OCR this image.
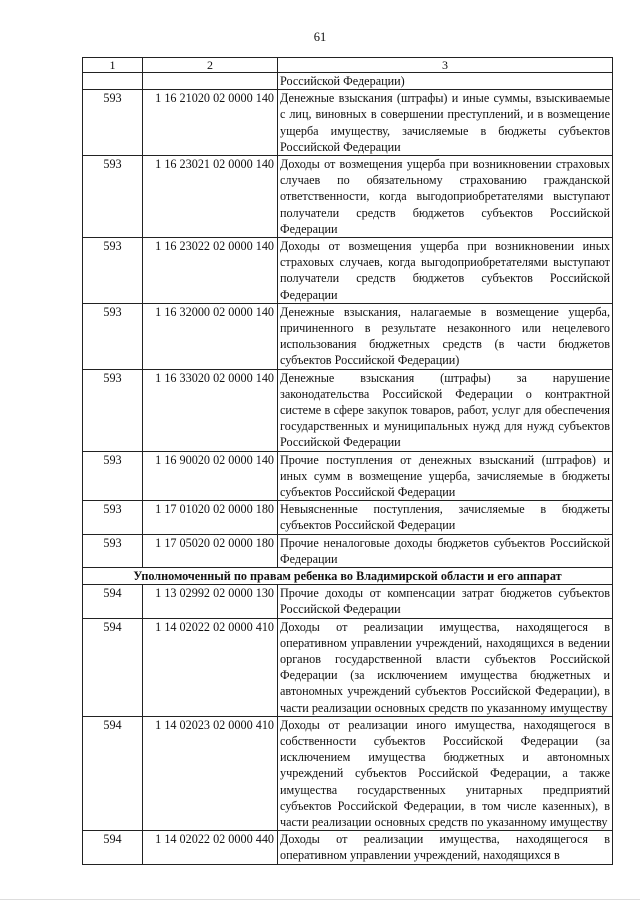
61
1	2	3
		Российской Федерации)
593	1 16 21020 02 0000 140	Денежные взыскания (штрафы) и иные суммы, взыскиваемые с лиц, виновных в совершении преступлений, и в возмещение ущерба имуществу, зачисляемые в бюджеты субъектов Российской Федерации
593	1 16 23021 02 0000 140	Доходы от возмещения ущерба при возникновении страховых случаев по обязательному страхованию гражданской ответственности, когда выгодоприобретателями выступают получатели средств бюджетов субъектов Российской Федерации
593	1 16 23022 02 0000 140	Доходы от возмещения ущерба при возникновении иных страховых случаев, когда выгодоприобретателями выступают получатели средств бюджетов субъектов Российской Федерации
593	1 16 32000 02 0000 140	Денежные взыскания, налагаемые в возмещение ущерба, причиненного в результате незаконного или нецелевого использования бюджетных средств (в части бюджетов субъектов Российской Федерации)
593	1 16 33020 02 0000 140	Денежные взыскания (штрафы) за нарушение законодательства Российской Федерации о контрактной системе в сфере закупок товаров, работ, услуг для обеспечения государственных и муниципальных нужд для нужд субъектов Российской Федерации
593	1 16 90020 02 0000 140	Прочие поступления от денежных взысканий (штрафов) и иных сумм в возмещение ущерба, зачисляемые в бюджеты субъектов Российской Федерации
593	1 17 01020 02 0000 180	Невыясненные поступления, зачисляемые в бюджеты субъектов Российской Федерации
593	1 17 05020 02 0000 180	Прочие неналоговые доходы бюджетов субъектов Российской Федерации
Уполномоченный по правам ребенка во Владимирской области и его аппарат		
594	1 13 02992 02 0000 130	Прочие доходы от компенсации затрат бюджетов субъектов Российской Федерации
594	1 14 02022 02 0000 410	Доходы от реализации имущества, находящегося в оперативном управлении учреждений, находящихся в ведении органов государственной власти субъектов Российской Федерации (за исключением имущества бюджетных и автономных учреждений субъектов Российской Федерации), в части реализации основных средств по указанному имуществу
594	1 14 02023 02 0000 410	Доходы от реализации иного имущества, находящегося в собственности субъектов Российской Федерации (за исключением имущества бюджетных и автономных учреждений субъектов Российской Федерации, а также имущества государственных унитарных предприятий субъектов Российской Федерации, в том числе казенных), в части реализации основных средств по указанному имуществу
594	1 14 02022 02 0000 440	Доходы от реализации имущества, находящегося в оперативном управлении учреждений, находящихся в
